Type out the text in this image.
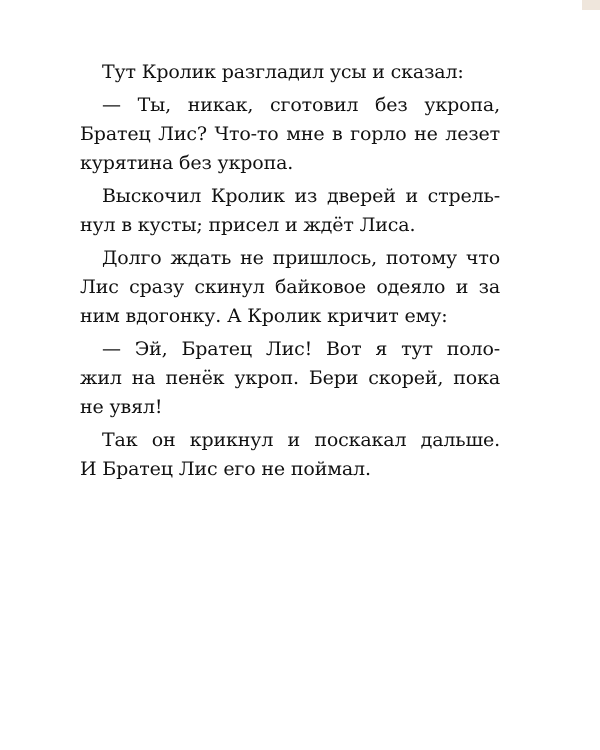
Тут Кролик разгладил усы и сказал:

— Ты, никак, сготовил без укропа,
Братец Лис? Что-то мне в горло не лезет
курятина без укропа.

Выскочил Кролик из дверей и стрель-
нул в кусты; присел и ждёт Лиса.

Долго ждать не пришлось, потому что
Лис сразу скинул байковое одеяло и за
ним вдогонку. А Кролик кричит ему:

— Эй, Братец Лис! Вот я тут поло-
жил на пенёк укроп. Бери скорей, пока
не увял!

Так он крикнул и поскакал дальше.
И Братец Лис его не поймал.
